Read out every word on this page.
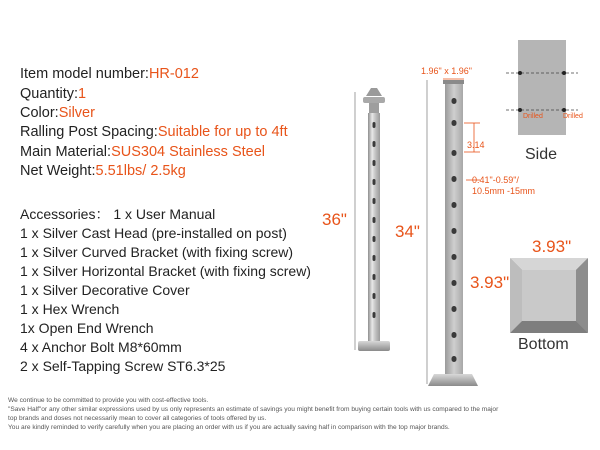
Item model number:HR-012
Quantity:1
Color:Silver
Ralling Post Spacing:Suitable for up to 4ft
Main Material:SUS304 Stainless Steel
Net Weight:5.51lbs/ 2.5kg
Accessories： 1 x User Manual
1 x Silver Cast Head (pre-installed on post)
1 x Silver Curved Bracket (with fixing screw)
1 x Silver Horizontal Bracket (with fixing screw)
1 x Silver Decorative Cover
1 x Hex Wrench
1x Open End Wrench
4 x Anchor Bolt M8*60mm
2 x Self-Tapping Screw ST6.3*25
36"
34"
1.96" x 1.96"
3.14
0.41"-0.59"/
10.5mm -15mm
Drilled	Drilled
Side
3.93"
3.93"
Bottom
We continue to be committed to provide you with cost-effective tools.
"Save Half"or any other similar expressions used by us only represents an estimate of savings you might benefit from buying certain tools with us compared to the major
top brands and doses not necessarily mean to cover all categories of tools offered by us.
You are kindly reminded to verify carefully when you are placing an order with us if you are actually saving half in comparison with the top major brands.
